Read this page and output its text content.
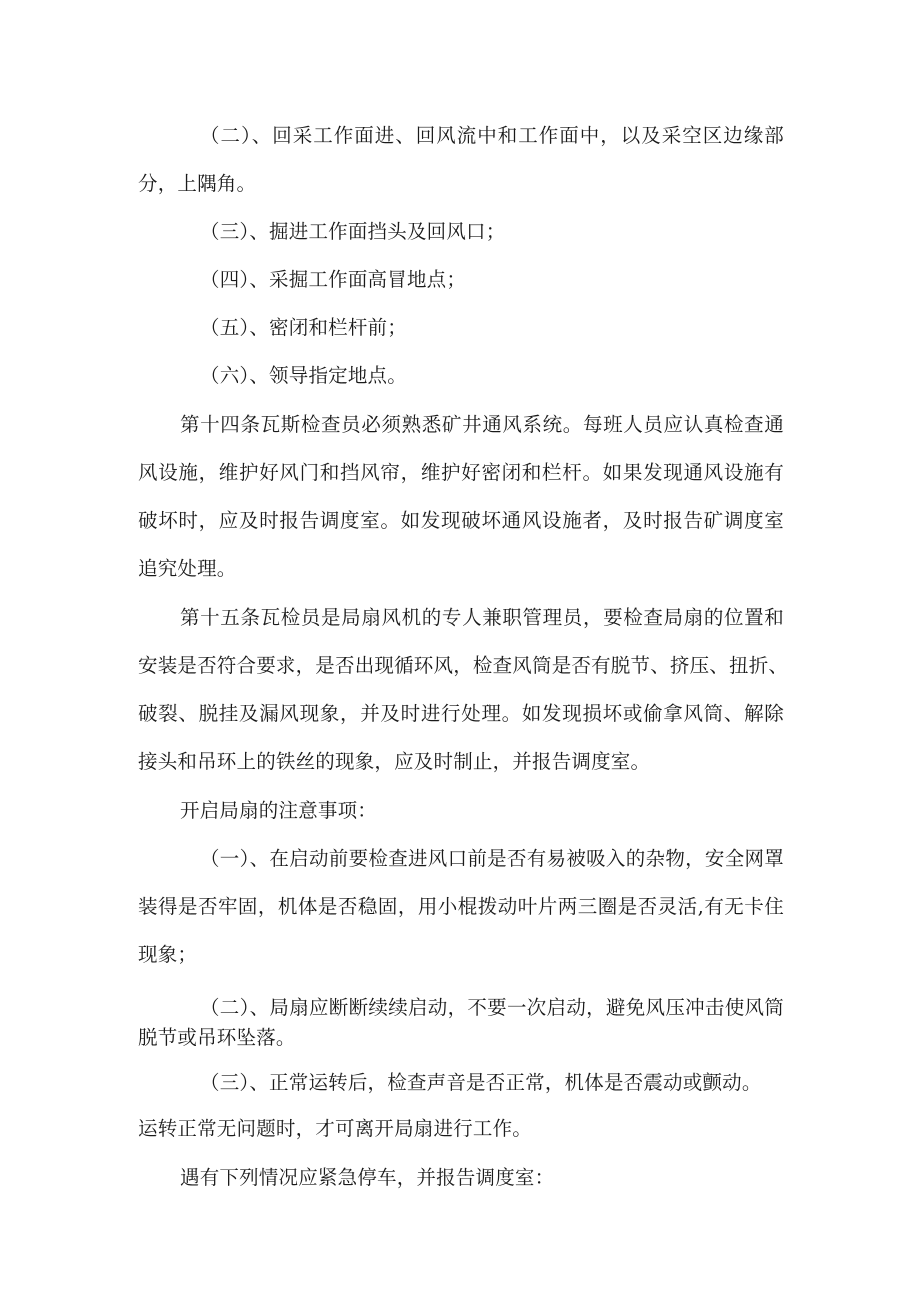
（二）、回采工作面进、回风流中和工作面中，以及采空区边缘部
分，上隅角。
（三）、掘进工作面挡头及回风口；
（四）、采掘工作面高冒地点；
（五）、密闭和栏杆前；
（六）、领导指定地点。
第十四条瓦斯检查员必须熟悉矿井通风系统。每班人员应认真检查通
风设施，维护好风门和挡风帘，维护好密闭和栏杆。如果发现通风设施有
破坏时，应及时报告调度室。如发现破坏通风设施者，及时报告矿调度室
追究处理。
第十五条瓦检员是局扇风机的专人兼职管理员，要检查局扇的位置和
安装是否符合要求，是否出现循环风，检查风筒是否有脱节、挤压、扭折、
破裂、脱挂及漏风现象，并及时进行处理。如发现损坏或偷拿风筒、解除
接头和吊环上的铁丝的现象，应及时制止，并报告调度室。
开启局扇的注意事项：
（一）、在启动前要检查进风口前是否有易被吸入的杂物，安全网罩
装得是否牢固，机体是否稳固，用小棍拨动叶片两三圈是否灵活,有无卡住
现象；
（二）、局扇应断断续续启动，不要一次启动，避免风压冲击使风筒
脱节或吊环坠落。
（三）、正常运转后，检查声音是否正常，机体是否震动或颤动。
运转正常无问题时，才可离开局扇进行工作。
遇有下列情况应紧急停车，并报告调度室：
